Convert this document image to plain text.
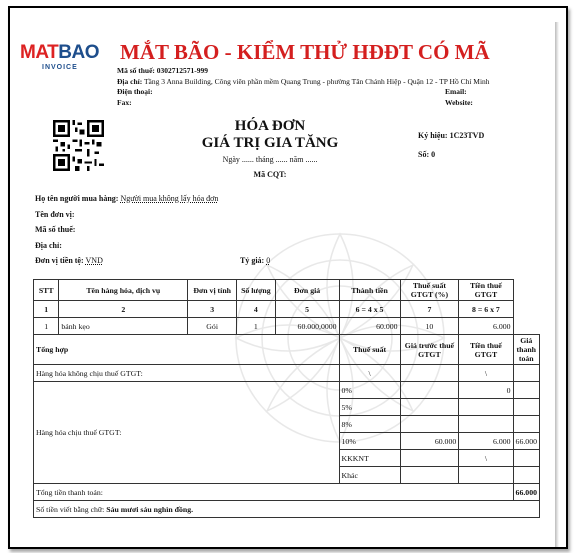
MATBAO
INVOICE
MẮT BÃO - KIỂM THỬ HĐĐT CÓ MÃ
Mã số thuế: 0302712571-999
Địa chỉ: Tầng 3 Anna Building, Công viên phần mềm Quang Trung - phường Tân Chánh Hiệp - Quận 12 - TP Hồ Chí Minh
Điện thoại:	Email:
Fax:	Website:
HÓA ĐƠN
GIÁ TRỊ GIA TĂNG
Ngày ...... tháng ...... năm ......
Mã CQT:
Ký hiệu: 1C23TVD
Số: 0
Họ tên người mua hàng: Người mua không lấy hóa đơn
Tên đơn vị:
Mã số thuế:
Địa chỉ:
Đơn vị tiền tệ: VND	Tỷ giá: 0
STT	Tên hàng hóa, dịch vụ	Đơn vị tính	Số lượng	Đơn giá	Thành tiền	Thuế suất GTGT (%)	Tiền thuế GTGT	
1	2	3	4	5	6 = 4 x 5	7	8 = 6 x 7	
1	bánh kẹo	Gói	1	60.000,0000	60.000	10	6.000	
Tổng hợp					Thuế suất	Giá trước thuế GTGT	Tiền thuế GTGT	Giá thanh toán
Hàng hóa không chịu thuế GTGT:					\		\	
Hàng hóa chịu thuế GTGT:					0%		0	
					5%			
					8%			
					10%	60.000	6.000	66.000
					KKKNT		\	
					Khác			
Tổng tiền thanh toán:								66.000
Số tiền viết bằng chữ: Sáu mươi sáu nghìn đồng.								
